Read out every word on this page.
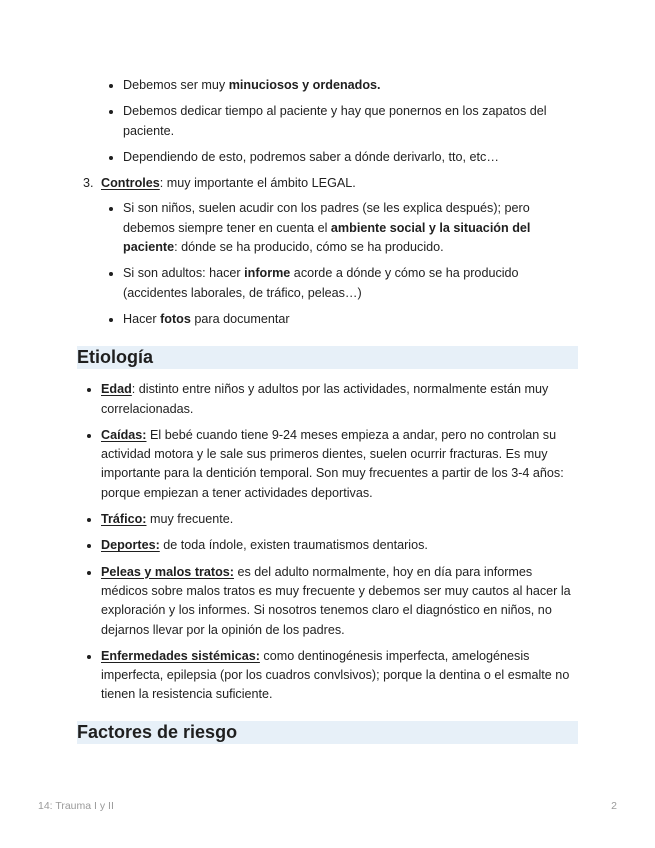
• Debemos ser muy minuciosos y ordenados.
• Debemos dedicar tiempo al paciente y hay que ponernos en los zapatos del paciente.
• Dependiendo de esto, podremos saber a dónde derivarlo, tto, etc…
3. Controles: muy importante el ámbito LEGAL.
• Si son niños, suelen acudir con los padres (se les explica después); pero debemos siempre tener en cuenta el ambiente social y la situación del paciente: dónde se ha producido, cómo se ha producido.
• Si son adultos: hacer informe acorde a dónde y cómo se ha producido (accidentes laborales, de tráfico, peleas…)
• Hacer fotos para documentar
Etiología
• Edad: distinto entre niños y adultos por las actividades, normalmente están muy correlacionadas.
• Caídas: El bebé cuando tiene 9-24 meses empieza a andar, pero no controlan su actividad motora y le sale sus primeros dientes, suelen ocurrir fracturas. Es muy importante para la dentición temporal. Son muy frecuentes a partir de los 3-4 años: porque empiezan a tener actividades deportivas.
• Tráfico: muy frecuente.
• Deportes: de toda índole, existen traumatismos dentarios.
• Peleas y malos tratos: es del adulto normalmente, hoy en día para informes médicos sobre malos tratos es muy frecuente y debemos ser muy cautos al hacer la exploración y los informes. Si nosotros tenemos claro el diagnóstico en niños, no dejarnos llevar por la opinión de los padres.
• Enfermedades sistémicas: como dentinogénesis imperfecta, amelogénesis imperfecta, epilepsia (por los cuadros convlsivos); porque la dentina o el esmalte no tienen la resistencia suficiente.
Factores de riesgo
14: Trauma I y II	2
